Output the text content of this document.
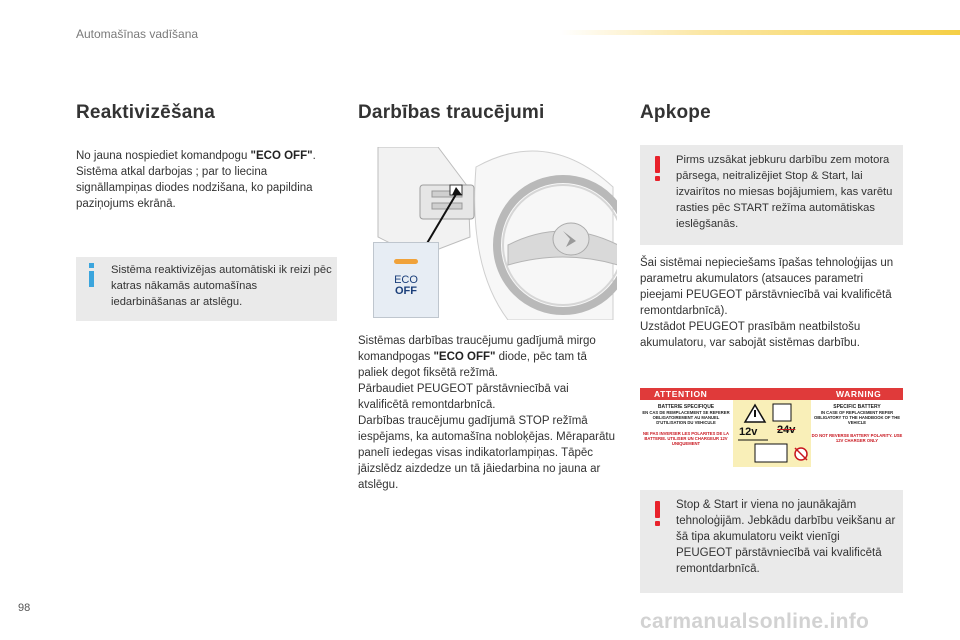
Automašīnas vadīšana
Reaktivizēšana
No jauna nospiediet komandpogu "ECO OFF". Sistēma atkal darbojas ; par to liecina signāllampiņas diodes nodzišana, ko papildina paziņojums ekrānā.
Sistēma reaktivizējas automātiski ik reizi pēc katras nākamās automašīnas iedarbināšanas ar atslēgu.
Darbības traucējumi
ECO
OFF
Sistēmas darbības traucējumu gadījumā mirgo komandpogas "ECO OFF" diode, pēc tam tā paliek degot fiksētā režīmā.
Pārbaudiet PEUGEOT pārstāvniecībā vai kvalificētā remontdarbnīcā.
Darbības traucējumu gadījumā STOP režīmā iespējams, ka automašīna nobloķējas. Mēraparātu panelī iedegas visas indikatorlampiņas. Tāpēc jāizslēdz aizdedze un tā jāiedarbina no jauna ar atslēgu.
Apkope
Pirms uzsākat jebkuru darbību zem motora pārsega, neitralizējiet Stop & Start, lai izvairītos no miesas bojājumiem, kas varētu rasties pēc START režīma automātiskas ieslēgšanās.
Šai sistēmai nepieciešams īpašas tehnoloģijas un parametru akumulators (atsauces parametri pieejami PEUGEOT pārstāvniecībā vai kvalificētā remontdarbnīcā).
Uzstādot PEUGEOT prasībām neatbilstošu akumulatoru, var sabojāt sistēmas darbību.
ATTENTION	WARNING
BATTERIE SPECIFIQUE
EN CAS DE REMPLACEMENT SE REFERER OBLIGATOIREMENT AU MANUEL D'UTILISATION DU VEHICULE
NE PAS INVERSER LES POLARITES DE LA BATTERIE. UTILISER UN CHARGEUR 12V UNIQUEMENT
12v 24v
SPECIFIC BATTERY
IN CASE OF REPLACEMENT REFER OBLIGATORY TO THE HANDBOOK OF THE VEHICLE
DO NOT REVERSE BATTERY POLARITY. USE 12V CHARGER ONLY
Stop & Start ir viena no jaunākajām tehnoloģijām. Jebkādu darbību veikšanu ar šā tipa akumulatoru veikt vienīgi PEUGEOT pārstāvniecībā vai kvalificētā remontdarbnīcā.
98
carmanualsonline.info
